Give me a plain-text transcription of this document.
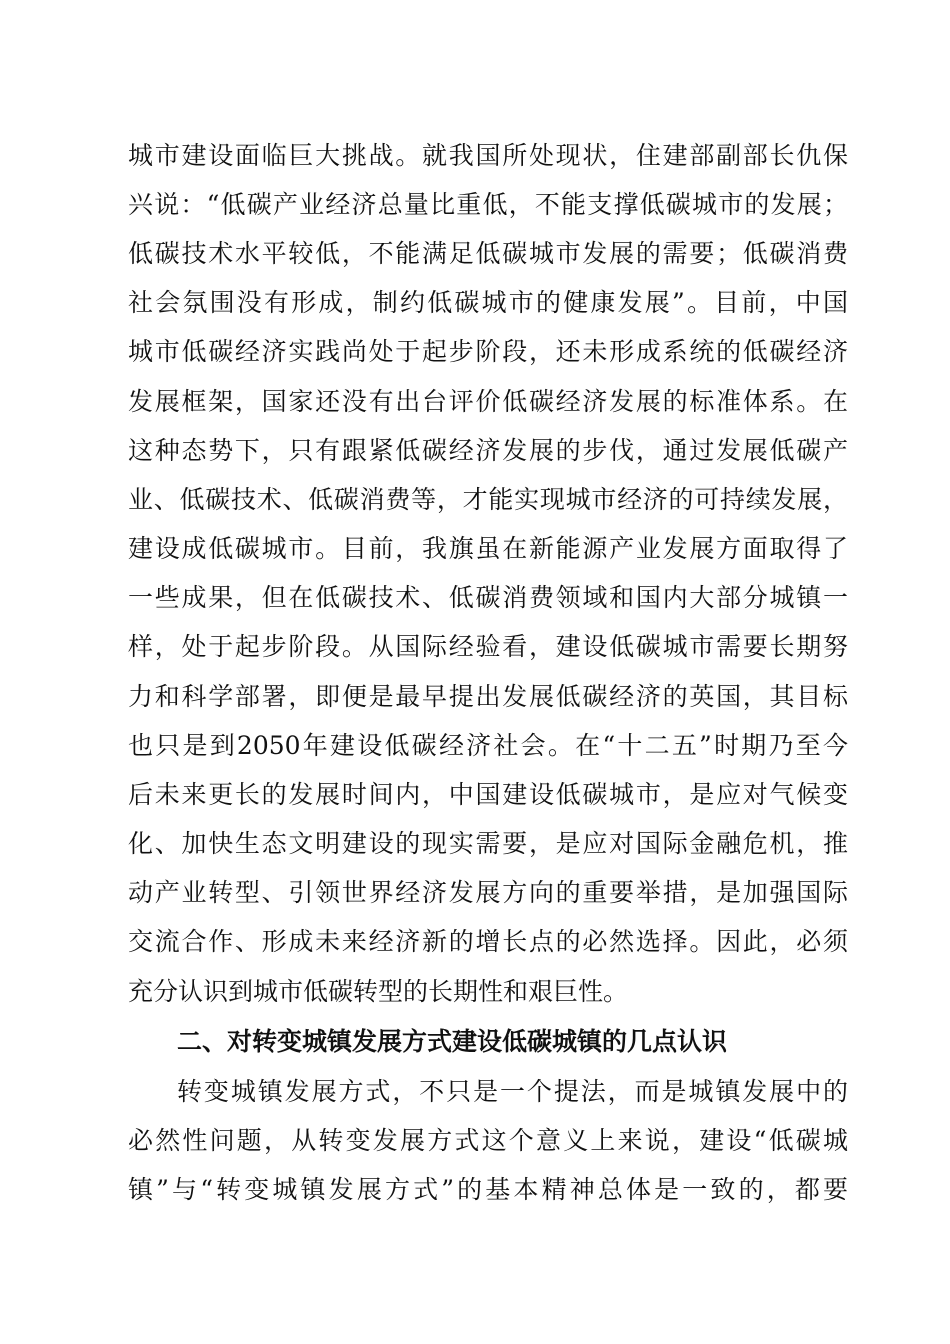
城市建设面临巨大挑战。就我国所处现状，住建部副部长仇保
兴说：“低碳产业经济总量比重低，不能支撑低碳城市的发展；
低碳技术水平较低，不能满足低碳城市发展的需要；低碳消费
社会氛围没有形成，制约低碳城市的健康发展”。目前，中国
城市低碳经济实践尚处于起步阶段，还未形成系统的低碳经济
发展框架，国家还没有出台评价低碳经济发展的标准体系。在
这种态势下，只有跟紧低碳经济发展的步伐，通过发展低碳产
业、低碳技术、低碳消费等，才能实现城市经济的可持续发展，
建设成低碳城市。目前，我旗虽在新能源产业发展方面取得了
一些成果，但在低碳技术、低碳消费领域和国内大部分城镇一
样，处于起步阶段。从国际经验看，建设低碳城市需要长期努
力和科学部署，即便是最早提出发展低碳经济的英国，其目标
也只是到2050年建设低碳经济社会。在“十二五”时期乃至今
后未来更长的发展时间内，中国建设低碳城市，是应对气候变
化、加快生态文明建设的现实需要，是应对国际金融危机，推
动产业转型、引领世界经济发展方向的重要举措，是加强国际
交流合作、形成未来经济新的增长点的必然选择。因此，必须
充分认识到城市低碳转型的长期性和艰巨性。
二、对转变城镇发展方式建设低碳城镇的几点认识
转变城镇发展方式，不只是一个提法，而是城镇发展中的
必然性问题，从转变发展方式这个意义上来说，建设“低碳城
镇”与“转变城镇发展方式”的基本精神总体是一致的，都要
